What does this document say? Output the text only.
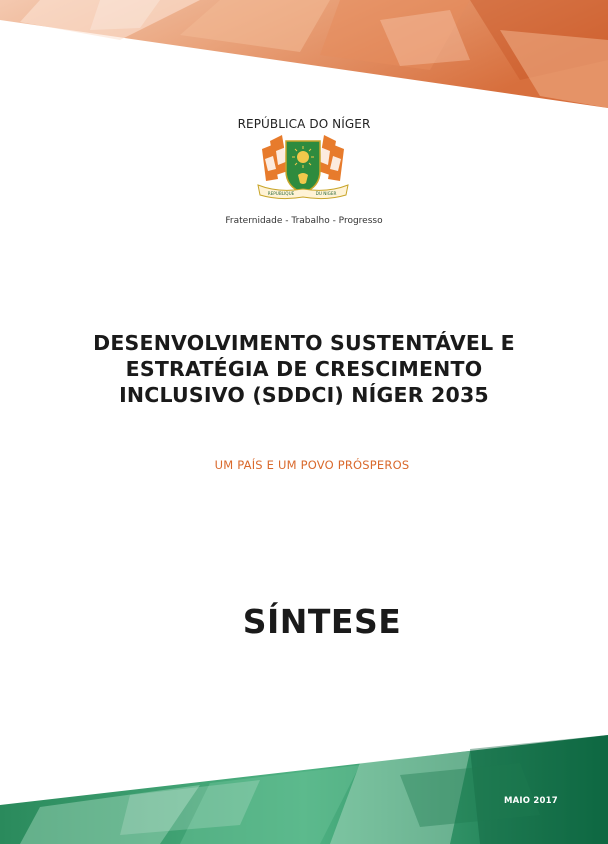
REPÚBLICA DO NÍGER
REPUBLIQUE	DU NIGER
Fraternidade - Trabalho - Progresso
DESENVOLVIMENTO SUSTENTÁVEL E
ESTRATÉGIA DE CRESCIMENTO
INCLUSIVO (SDDCI) NÍGER 2035
UM PAÍS E UM POVO PRÓSPEROS
SÍNTESE
MAIO 2017
